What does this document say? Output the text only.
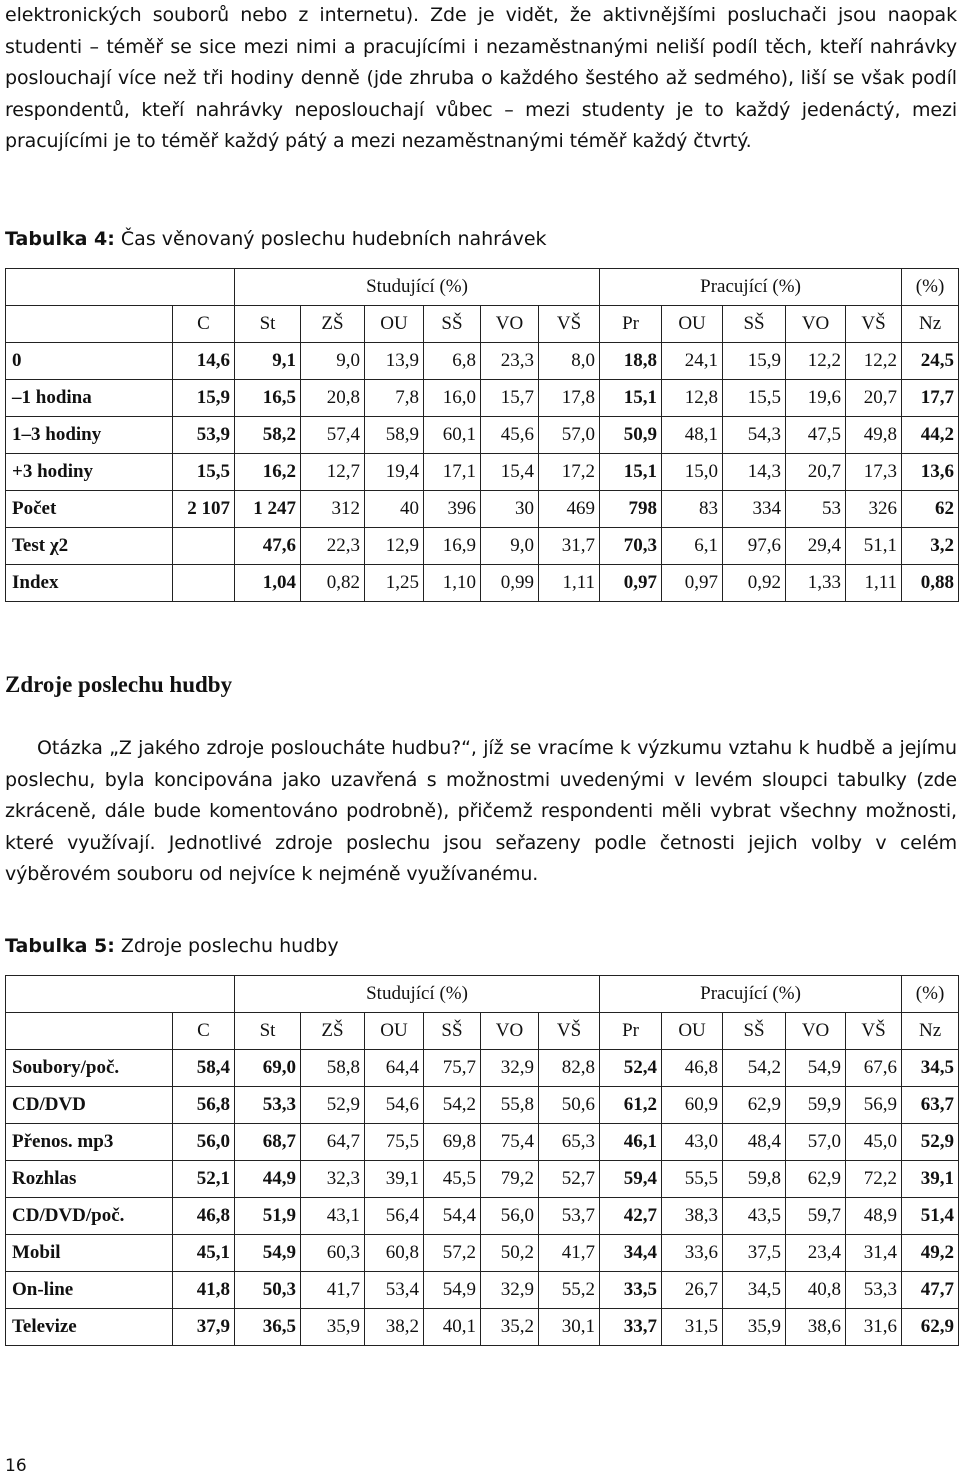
elektronických souborů nebo z internetu). Zde je vidět, že aktivnějšími posluchači jsou naopak studenti – téměř se sice mezi nimi a pracujícími i nezaměstnanými neliší podíl těch, kteří nahrávky poslouchají více než tři hodiny denně (jde zhruba o každého šestého až sedmého), liší se však podíl respondentů, kteří nahrávky neposlouchají vůbec – mezi studenty je to každý jedenáctý, mezi pracujícími je to téměř každý pátý a mezi nezaměstnanými téměř každý čtvrtý.

Tabulka 4: Čas věnovaný poslechu hudebních nahrávek

		Studující (%)						Pracující (%)					(%)
	C	St	ZŠ	OU	SŠ	VO	VŠ	Pr	OU	SŠ	VO	VŠ	Nz
0	14,6	9,1	9,0	13,9	6,8	23,3	8,0	18,8	24,1	15,9	12,2	12,2	24,5
–1 hodina	15,9	16,5	20,8	7,8	16,0	15,7	17,8	15,1	12,8	15,5	19,6	20,7	17,7
1–3 hodiny	53,9	58,2	57,4	58,9	60,1	45,6	57,0	50,9	48,1	54,3	47,5	49,8	44,2
+3 hodiny	15,5	16,2	12,7	19,4	17,1	15,4	17,2	15,1	15,0	14,3	20,7	17,3	13,6
Počet	2 107	1 247	312	40	396	30	469	798	83	334	53	326	62
Test χ2		47,6	22,3	12,9	16,9	9,0	31,7	70,3	6,1	97,6	29,4	51,1	3,2
Index		1,04	0,82	1,25	1,10	0,99	1,11	0,97	0,97	0,92	1,33	1,11	0,88

Zdroje poslechu hudby

Otázka „Z jakého zdroje posloucháte hudbu?“, jíž se vracíme k výzkumu vztahu k hudbě a jejímu poslechu, byla koncipována jako uzavřená s možnostmi uvedenými v levém sloupci tabulky (zde zkráceně, dále bude komentováno podrobně), přičemž respondenti měli vybrat všechny možnosti, které využívají. Jednotlivé zdroje poslechu jsou seřazeny podle četnosti jejich volby v celém výběrovém souboru od nejvíce k nejméně využívanému.

Tabulka 5: Zdroje poslechu hudby

		Studující (%)						Pracující (%)					(%)
	C	St	ZŠ	OU	SŠ	VO	VŠ	Pr	OU	SŠ	VO	VŠ	Nz
Soubory/poč.	58,4	69,0	58,8	64,4	75,7	32,9	82,8	52,4	46,8	54,2	54,9	67,6	34,5
CD/DVD	56,8	53,3	52,9	54,6	54,2	55,8	50,6	61,2	60,9	62,9	59,9	56,9	63,7
Přenos. mp3	56,0	68,7	64,7	75,5	69,8	75,4	65,3	46,1	43,0	48,4	57,0	45,0	52,9
Rozhlas	52,1	44,9	32,3	39,1	45,5	79,2	52,7	59,4	55,5	59,8	62,9	72,2	39,1
CD/DVD/poč.	46,8	51,9	43,1	56,4	54,4	56,0	53,7	42,7	38,3	43,5	59,7	48,9	51,4
Mobil	45,1	54,9	60,3	60,8	57,2	50,2	41,7	34,4	33,6	37,5	23,4	31,4	49,2
On-line	41,8	50,3	41,7	53,4	54,9	32,9	55,2	33,5	26,7	34,5	40,8	53,3	47,7
Televize	37,9	36,5	35,9	38,2	40,1	35,2	30,1	33,7	31,5	35,9	38,6	31,6	62,9
16
